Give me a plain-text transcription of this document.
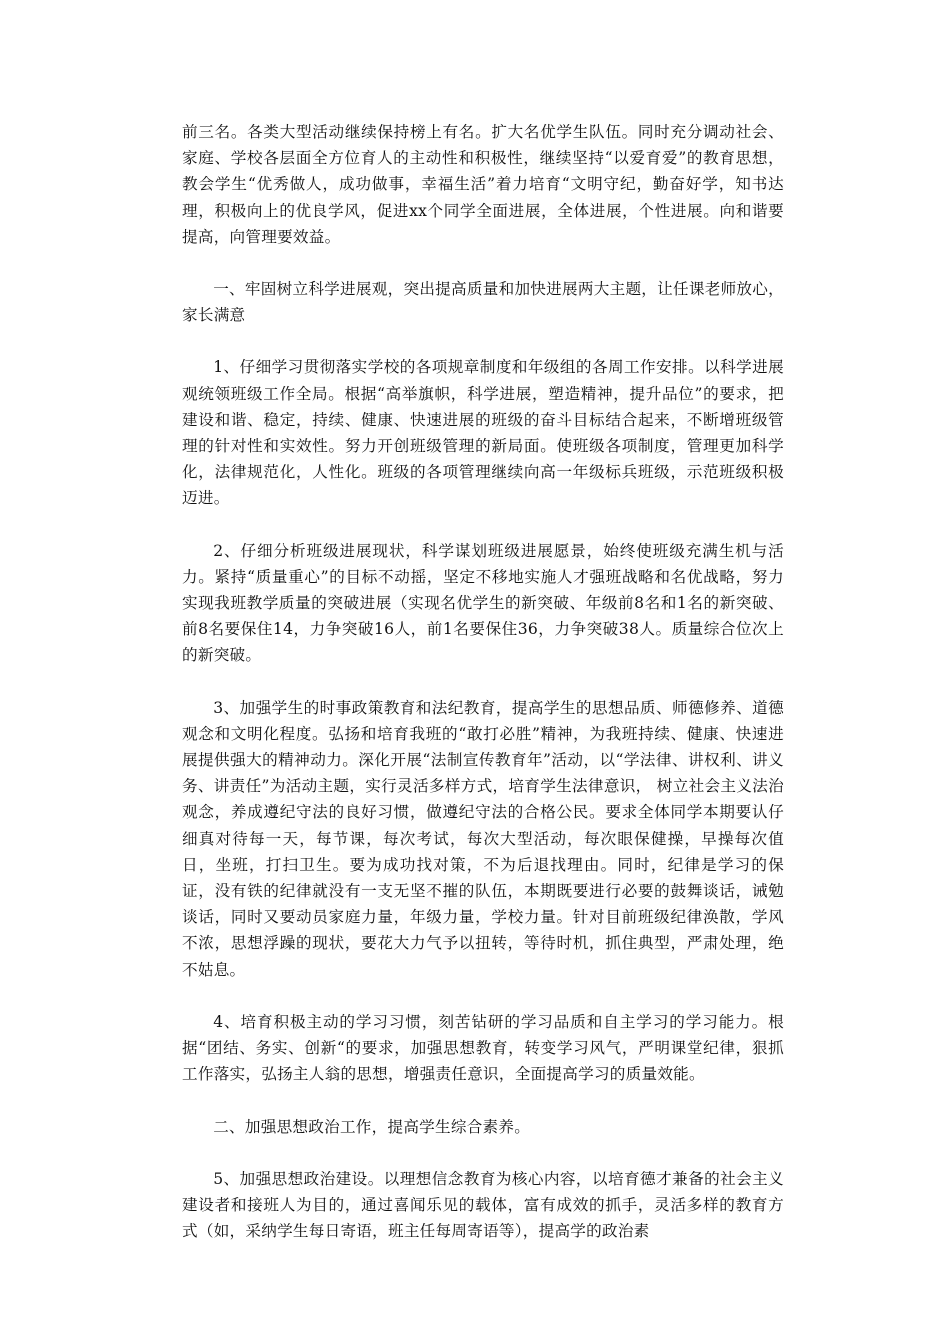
前三名。各类大型活动继续保持榜上有名。扩大名优学生队伍。同时充分调动社会、家庭、学校各层面全方位育人的主动性和积极性，继续坚持“以爱育爱”的教育思想，教会学生“优秀做人，成功做事，幸福生活”着力培育“文明守纪，勤奋好学，知书达理，积极向上的优良学风，促进xx个同学全面进展，全体进展，个性进展。向和谐要提高，向管理要效益。

一、牢固树立科学进展观，突出提高质量和加快进展两大主题，让任课老师放心，家长满意

1、仔细学习贯彻落实学校的各项规章制度和年级组的各周工作安排。以科学进展观统领班级工作全局。根据“高举旗帜，科学进展，塑造精神，提升品位”的要求，把建设和谐、稳定，持续、健康、快速进展的班级的奋斗目标结合起来，不断增班级管理的针对性和实效性。努力开创班级管理的新局面。使班级各项制度，管理更加科学化，法律规范化，人性化。班级的各项管理继续向高一年级标兵班级，示范班级积极迈进。

2、仔细分析班级进展现状，科学谋划班级进展愿景，始终使班级充满生机与活力。紧持“质量重心”的目标不动摇，坚定不移地实施人才强班战略和名优战略，努力实现我班教学质量的突破进展（实现名优学生的新突破、年级前8名和1名的新突破、前8名要保住14，力争突破16人，前1名要保住36，力争突破38人。质量综合位次上的新突破。

3、加强学生的时事政策教育和法纪教育，提高学生的思想品质、师德修养、道德观念和文明化程度。弘扬和培育我班的“敢打必胜”精神，为我班持续、健康、快速进展提供强大的精神动力。深化开展“法制宣传教育年”活动，以“学法律、讲权利、讲义务、讲责任”为活动主题，实行灵活多样方式，培育学生法律意识， 树立社会主义法治观念，养成遵纪守法的良好习惯，做遵纪守法的合格公民。要求全体同学本期要认仔细真对待每一天，每节课，每次考试，每次大型活动，每次眼保健操，早操每次值日，坐班，打扫卫生。要为成功找对策，不为后退找理由。同时，纪律是学习的保证，没有铁的纪律就没有一支无坚不摧的队伍，本期既要进行必要的鼓舞谈话，诫勉谈话，同时又要动员家庭力量，年级力量，学校力量。针对目前班级纪律涣散，学风不浓，思想浮躁的现状，要花大力气予以扭转，等待时机，抓住典型，严肃处理，绝不姑息。

4、培育积极主动的学习习惯，刻苦钻研的学习品质和自主学习的学习能力。根据“团结、务实、创新“的要求，加强思想教育，转变学习风气，严明课堂纪律，狠抓工作落实，弘扬主人翁的思想，增强责任意识，全面提高学习的质量效能。

二、加强思想政治工作，提高学生综合素养。

5、加强思想政治建设。以理想信念教育为核心内容，以培育德才兼备的社会主义建设者和接班人为目的，通过喜闻乐见的载体，富有成效的抓手，灵活多样的教育方式（如，采纳学生每日寄语，班主任每周寄语等），提高学的政治素
